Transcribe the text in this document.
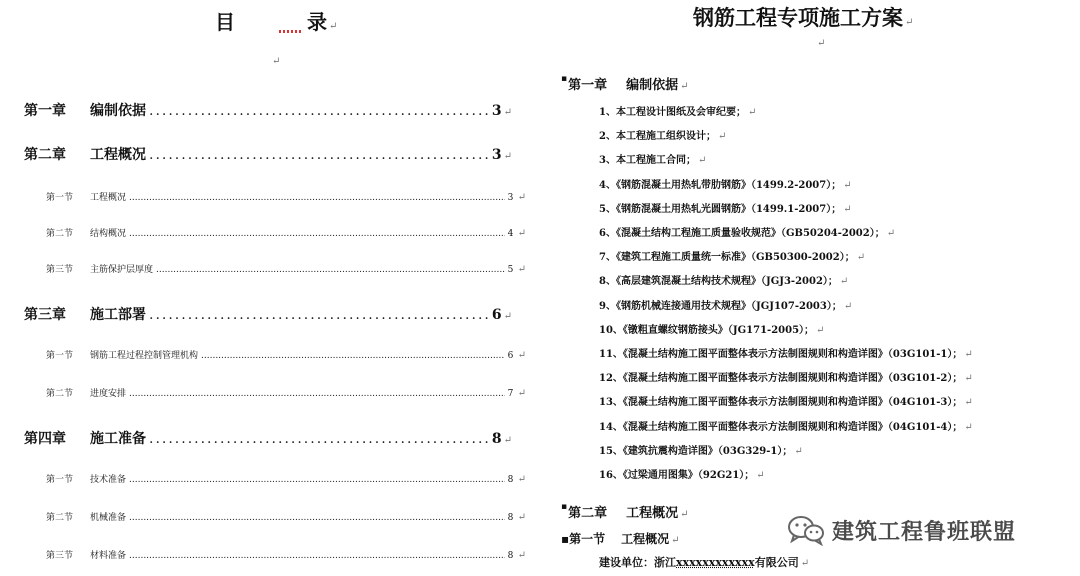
目	录 ↵
↵
第一章	编制依据 .....	3 ↵
第二章	工程概况 .....	3 ↵
第一节	工程概况 .....	3 ↵
第二节	结构概况 .....	4 ↵
第三节	主筋保护层厚度 .....	5 ↵
第三章	施工部署 .....	6 ↵
第一节	钢筋工程过程控制管理机构 .....	6 ↵
第二节	进度安排 .....	7 ↵
第四章	施工准备 .....	8 ↵
第一节	技术准备 .....	8 ↵
第二节	机械准备 .....	8 ↵
第三节	材料准备 .....	8 ↵
钢筋工程专项施工方案 ↵
↵
▪第一章 编制依据 ↵
1、本工程设计图纸及会审纪要； ↵
2、本工程施工组织设计； ↵
3、本工程施工合同； ↵
4、《钢筋混凝土用热轧带肋钢筋》（1499.2-2007）； ↵
5、《钢筋混凝土用热轧光圆钢筋》（1499.1-2007）； ↵
6、《混凝土结构工程施工质量验收规范》（GB50204-2002）； ↵
7、《建筑工程施工质量统一标准》（GB50300-2002）； ↵
8、《高层建筑混凝土结构技术规程》（JGJ3-2002）； ↵
9、《钢筋机械连接通用技术规程》（JGJ107-2003）； ↵
10、《镦粗直螺纹钢筋接头》（JG171-2005）； ↵
11、《混凝土结构施工图平面整体表示方法制图规则和构造详图》（03G101-1）； ↵
12、《混凝土结构施工图平面整体表示方法制图规则和构造详图》（03G101-2）； ↵
13、《混凝土结构施工图平面整体表示方法制图规则和构造详图》（04G101-3）； ↵
14、《混凝土结构施工图平面整体表示方法制图规则和构造详图》（04G101-4）； ↵
15、《建筑抗震构造详图》（03G329-1）； ↵
16、《过梁通用图集》（92G21）； ↵
▪第二章 工程概况 ↵
▪第一节 工程概况 ↵
建设单位：浙江xxxxxxxxxxxx有限公司 ↵
建筑工程鲁班联盟
